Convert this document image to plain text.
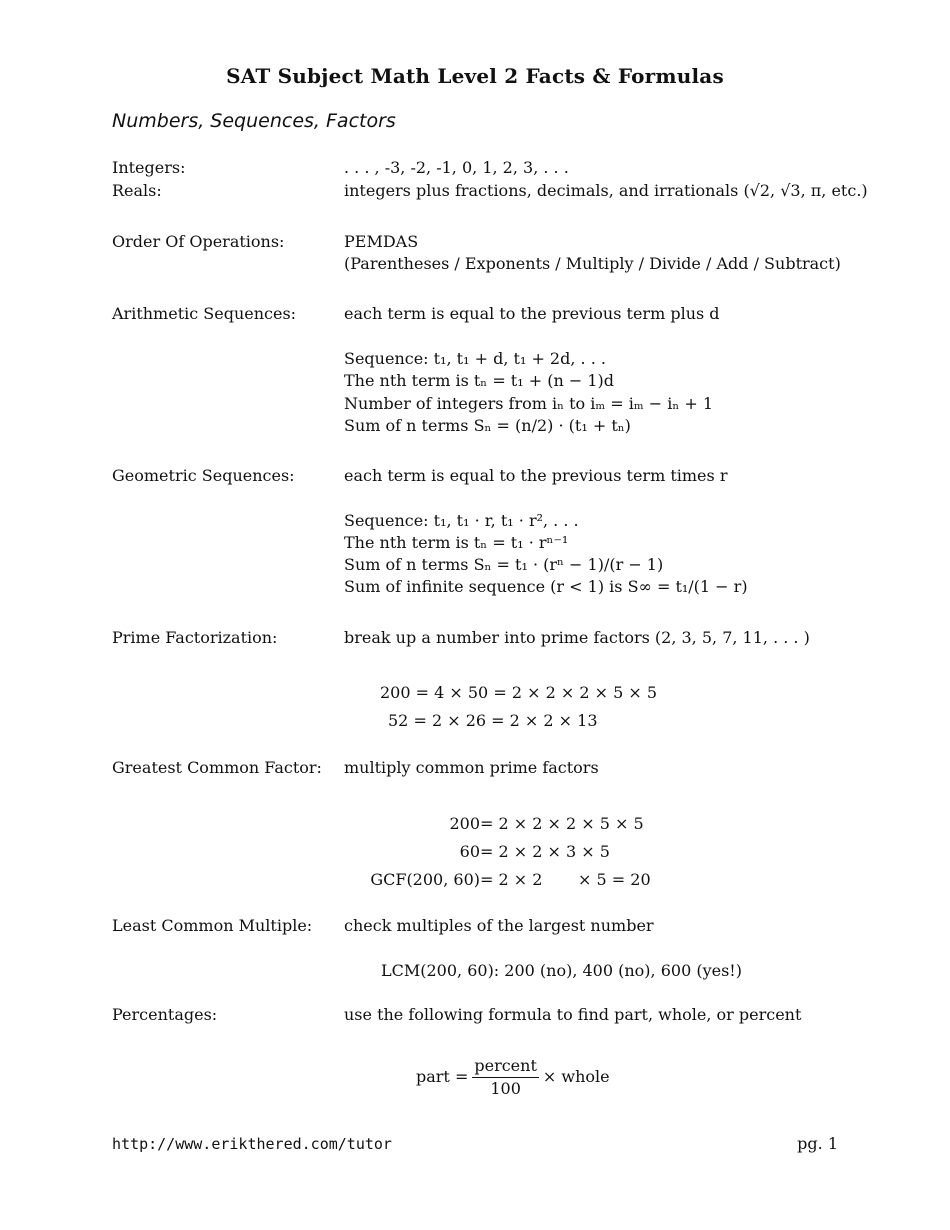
SAT Subject Math Level 2 Facts & Formulas
Numbers, Sequences, Factors
Integers:	. . . , -3, -2, -1, 0, 1, 2, 3, . . .
Reals:	integers plus fractions, decimals, and irrationals (√2, √3, π, etc.)
Order Of Operations:	PEMDAS
(Parentheses / Exponents / Multiply / Divide / Add / Subtract)
Arithmetic Sequences:	each term is equal to the previous term plus d
Sequence: t₁, t₁ + d, t₁ + 2d, . . .
The nth term is tₙ = t₁ + (n − 1)d
Number of integers from iₙ to iₘ = iₘ − iₙ + 1
Sum of n terms Sₙ = (n/2) · (t₁ + tₙ)
Geometric Sequences:	each term is equal to the previous term times r
Sequence: t₁, t₁ · r, t₁ · r², . . .
The nth term is tₙ = t₁ · rⁿ⁻¹
Sum of n terms Sₙ = t₁ · (rⁿ − 1)/(r − 1)
Sum of infinite sequence (r < 1) is S∞ = t₁/(1 − r)
Prime Factorization:	break up a number into prime factors (2, 3, 5, 7, 11, . . . )
200 = 4 × 50 = 2 × 2 × 2 × 5 × 5
52 = 2 × 26 = 2 × 2 × 13
Greatest Common Factor: multiply common prime factors
200 = 2 × 2 × 2 × 5 × 5
60 = 2 × 2 × 3 × 5
GCF(200, 60) = 2 × 2       × 5 = 20
Least Common Multiple: check multiples of the largest number
LCM(200, 60): 200 (no), 400 (no), 600 (yes!)
Percentages:	use the following formula to find part, whole, or percent
part = $\frac{\text{percent}}{100}$ × whole
http://www.erikthered.com/tutor	pg. 1
